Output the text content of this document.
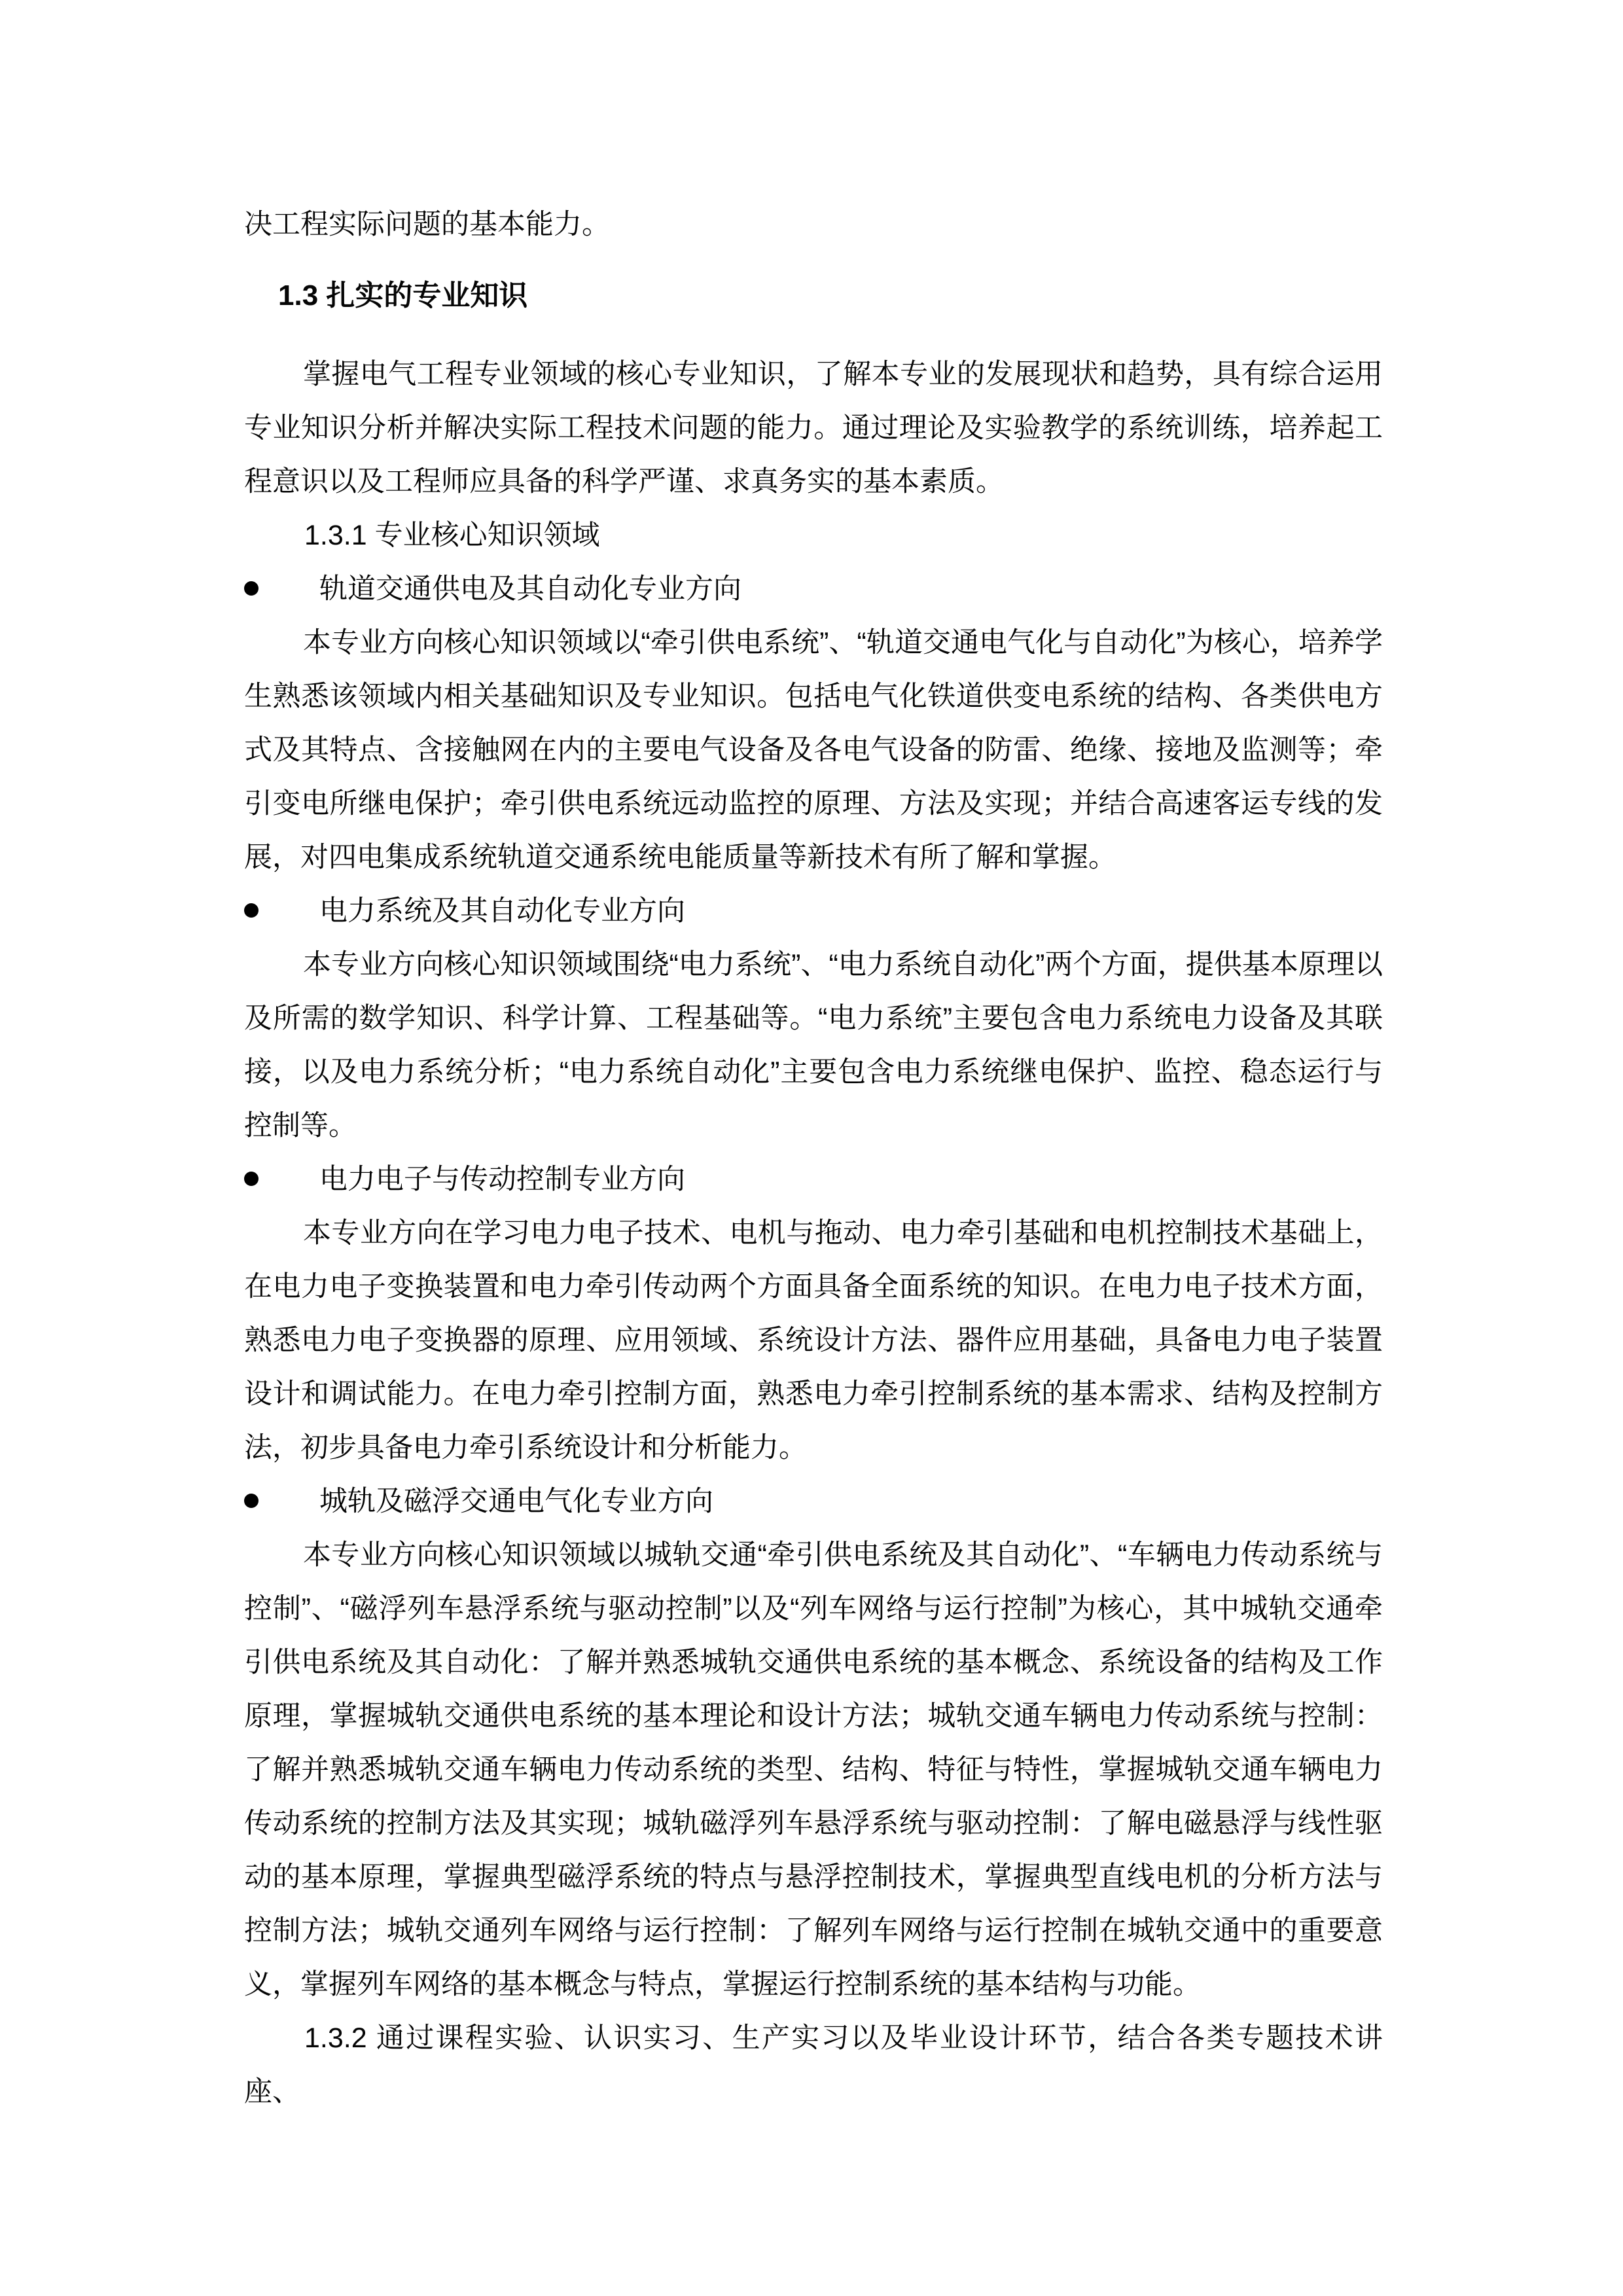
决工程实际问题的基本能力。

1.3 扎实的专业知识

掌握电气工程专业领域的核心专业知识，了解本专业的发展现状和趋势，具有综合运用专业知识分析并解决实际工程技术问题的能力。通过理论及实验教学的系统训练，培养起工程意识以及工程师应具备的科学严谨、求真务实的基本素质。

1.3.1 专业核心知识领域

轨道交通供电及其自动化专业方向

本专业方向核心知识领域以“牵引供电系统”、“轨道交通电气化与自动化”为核心，培养学生熟悉该领域内相关基础知识及专业知识。包括电气化铁道供变电系统的结构、各类供电方式及其特点、含接触网在内的主要电气设备及各电气设备的防雷、绝缘、接地及监测等；牵引变电所继电保护；牵引供电系统远动监控的原理、方法及实现；并结合高速客运专线的发展，对四电集成系统轨道交通系统电能质量等新技术有所了解和掌握。

电力系统及其自动化专业方向

本专业方向核心知识领域围绕“电力系统”、“电力系统自动化”两个方面，提供基本原理以及所需的数学知识、科学计算、工程基础等。“电力系统”主要包含电力系统电力设备及其联接，以及电力系统分析；“电力系统自动化”主要包含电力系统继电保护、监控、稳态运行与控制等。

电力电子与传动控制专业方向

本专业方向在学习电力电子技术、电机与拖动、电力牵引基础和电机控制技术基础上，在电力电子变换装置和电力牵引传动两个方面具备全面系统的知识。在电力电子技术方面，熟悉电力电子变换器的原理、应用领域、系统设计方法、器件应用基础，具备电力电子装置设计和调试能力。在电力牵引控制方面，熟悉电力牵引控制系统的基本需求、结构及控制方法，初步具备电力牵引系统设计和分析能力。

城轨及磁浮交通电气化专业方向

本专业方向核心知识领域以城轨交通“牵引供电系统及其自动化”、“车辆电力传动系统与控制”、“磁浮列车悬浮系统与驱动控制”以及“列车网络与运行控制”为核心，其中城轨交通牵引供电系统及其自动化：了解并熟悉城轨交通供电系统的基本概念、系统设备的结构及工作原理，掌握城轨交通供电系统的基本理论和设计方法；城轨交通车辆电力传动系统与控制：了解并熟悉城轨交通车辆电力传动系统的类型、结构、特征与特性，掌握城轨交通车辆电力传动系统的控制方法及其实现；城轨磁浮列车悬浮系统与驱动控制：了解电磁悬浮与线性驱动的基本原理，掌握典型磁浮系统的特点与悬浮控制技术，掌握典型直线电机的分析方法与控制方法；城轨交通列车网络与运行控制：了解列车网络与运行控制在城轨交通中的重要意义，掌握列车网络的基本概念与特点，掌握运行控制系统的基本结构与功能。

1.3.2 通过课程实验、认识实习、生产实习以及毕业设计环节，结合各类专题技术讲座、
